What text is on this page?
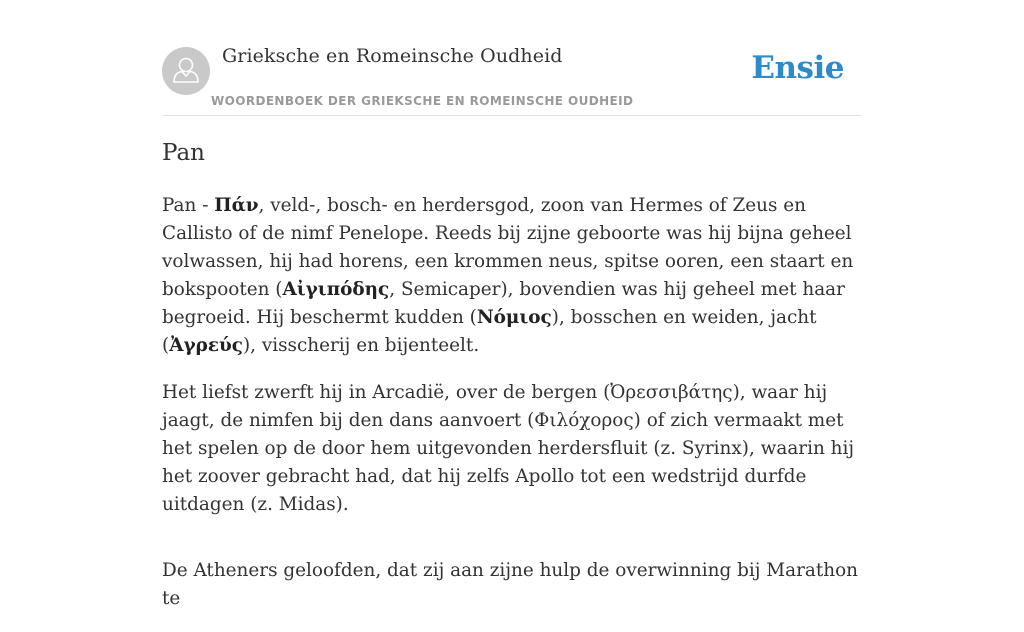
Grieksche en Romeinsche Oudheid
WOORDENBOEK DER GRIEKSCHE EN ROMEINSCHE OUDHEID
Ensie
Pan

Pan - Πάν, veld-, bosch- en herdersgod, zoon van Hermes of Zeus en Callisto of de nimf Penelope. Reeds bij zijne geboorte was hij bijna geheel volwassen, hij had horens, een krommen neus, spitse ooren, een staart en bokspooten (Αἰγιπόδης, Semicaper), bovendien was hij geheel met haar begroeid. Hij beschermt kudden (Νόμιος), bosschen en weiden, jacht (Ἀγρεύς), visscherij en bijenteelt.

Het liefst zwerft hij in Arcadië, over de bergen (Ὀρεσσιβάτης), waar hij jaagt, de nimfen bij den dans aanvoert (Φιλόχορος) of zich vermaakt met het spelen op de door hem uitgevonden herdersfluit (z. Syrinx), waarin hij het zoover gebracht had, dat hij zelfs Apollo tot een wedstrijd durfde uitdagen (z. Midas).

De Atheners geloofden, dat zij aan zijne hulp de overwinning bij Marathon te
